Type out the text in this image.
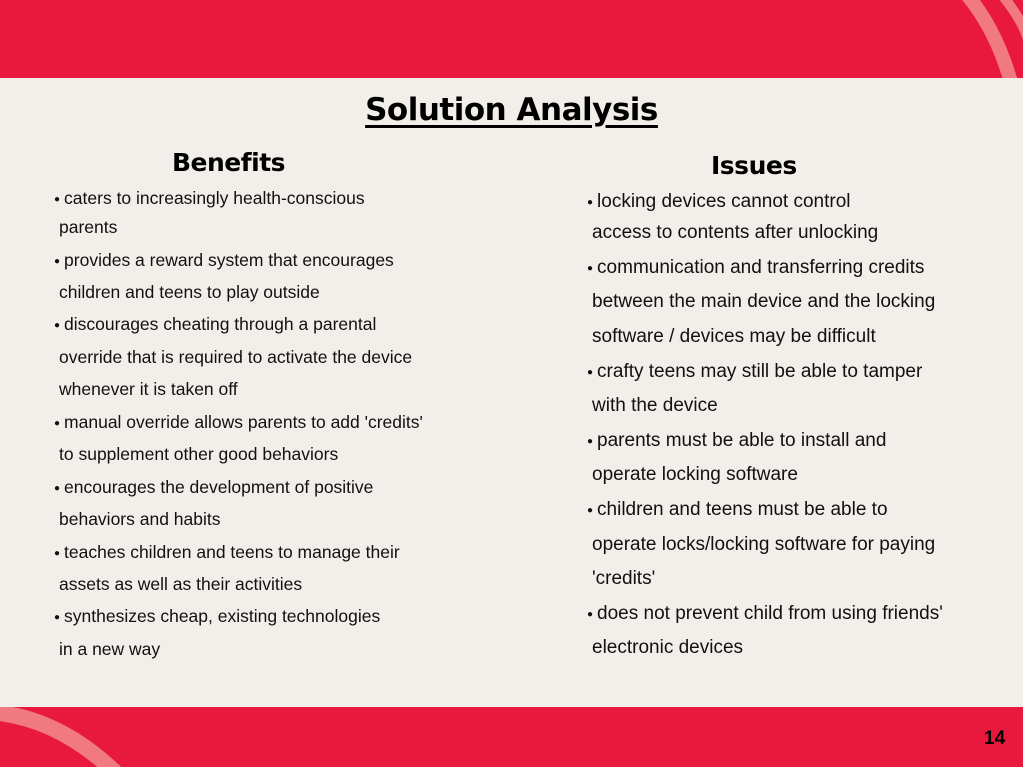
Solution Analysis
Benefits	Issues
● caters to increasingly health-conscious
parents
● provides a reward system that encourages
children and teens to play outside
● discourages cheating through a parental
override that is required to activate the device
whenever it is taken off
● manual override allows parents to add 'credits'
to supplement other good behaviors
● encourages the development of positive
behaviors and habits
● teaches children and teens to manage their
assets as well as their activities
● synthesizes cheap, existing technologies
in a new way
● locking devices cannot control
access to contents after unlocking
● communication and transferring credits
between the main device and the locking
software / devices may be difficult
● crafty teens may still be able to tamper
with the device
● parents must be able to install and
operate locking software
● children and teens must be able to
operate locks/locking software for paying
'credits'
● does not prevent child from using friends'
electronic devices
14
